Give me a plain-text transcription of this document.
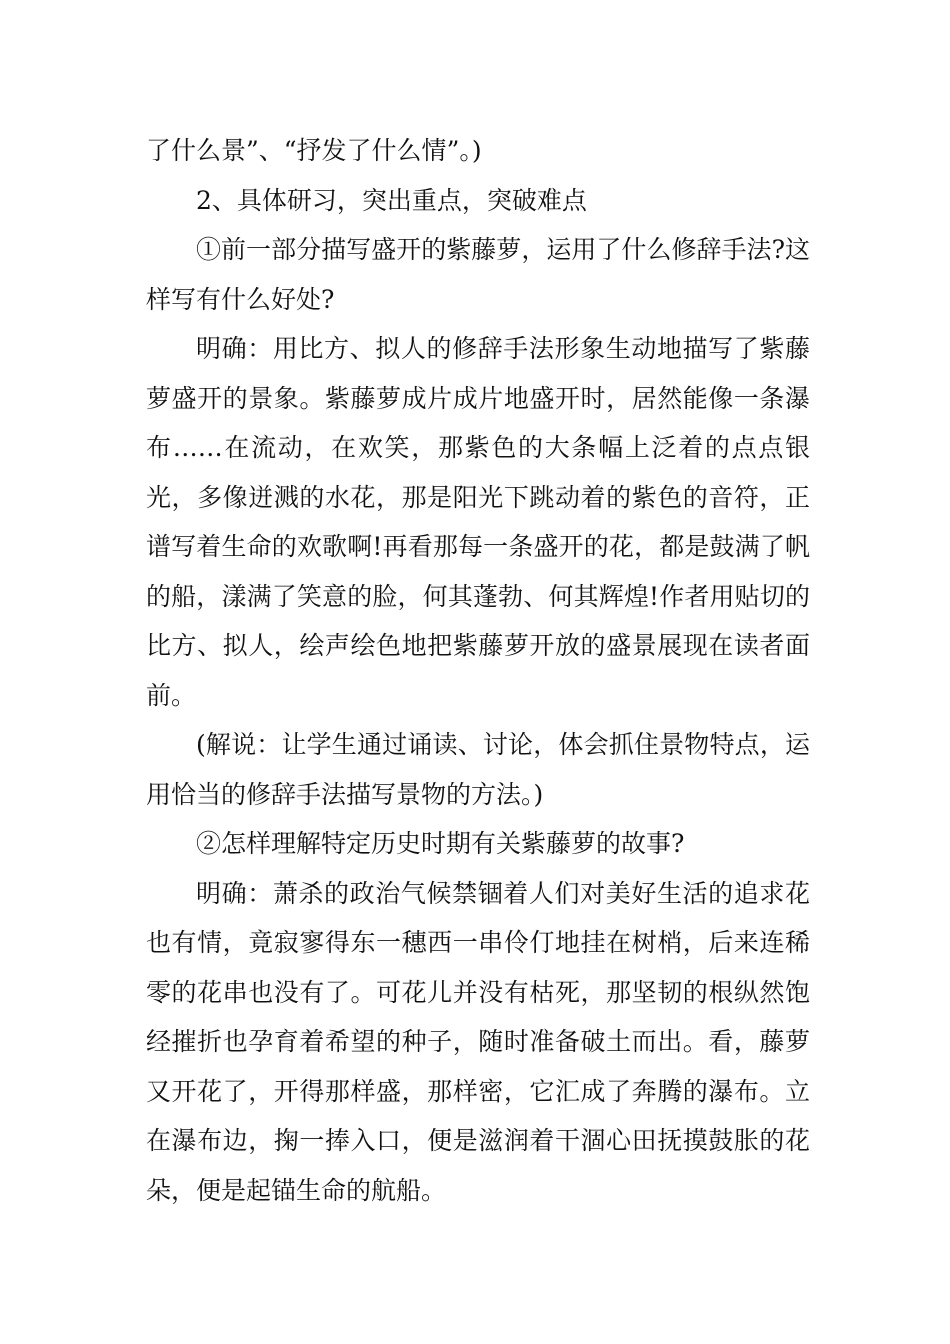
了什么景”、“抒发了什么情”。)

2、具体研习，突出重点，突破难点

①前一部分描写盛开的紫藤萝，运用了什么修辞手法?这样写有什么好处?

明确：用比方、拟人的修辞手法形象生动地描写了紫藤萝盛开的景象。紫藤萝成片成片地盛开时，居然能像一条瀑布……在流动，在欢笑，那紫色的大条幅上泛着的点点银光，多像迸溅的水花，那是阳光下跳动着的紫色的音符，正谱写着生命的欢歌啊!再看那每一条盛开的花，都是鼓满了帆的船，漾满了笑意的脸，何其蓬勃、何其辉煌!作者用贴切的比方、拟人，绘声绘色地把紫藤萝开放的盛景展现在读者面前。

(解说：让学生通过诵读、讨论，体会抓住景物特点，运用恰当的修辞手法描写景物的方法。)

②怎样理解特定历史时期有关紫藤萝的故事?

明确：萧杀的政治气候禁锢着人们对美好生活的追求花也有情，竟寂寥得东一穗西一串伶仃地挂在树梢，后来连稀零的花串也没有了。可花儿并没有枯死，那坚韧的根纵然饱经摧折也孕育着希望的种子，随时准备破土而出。看，藤萝又开花了，开得那样盛，那样密，它汇成了奔腾的瀑布。立在瀑布边，掬一捧入口，便是滋润着干涸心田抚摸鼓胀的花朵，便是起锚生命的航船。
